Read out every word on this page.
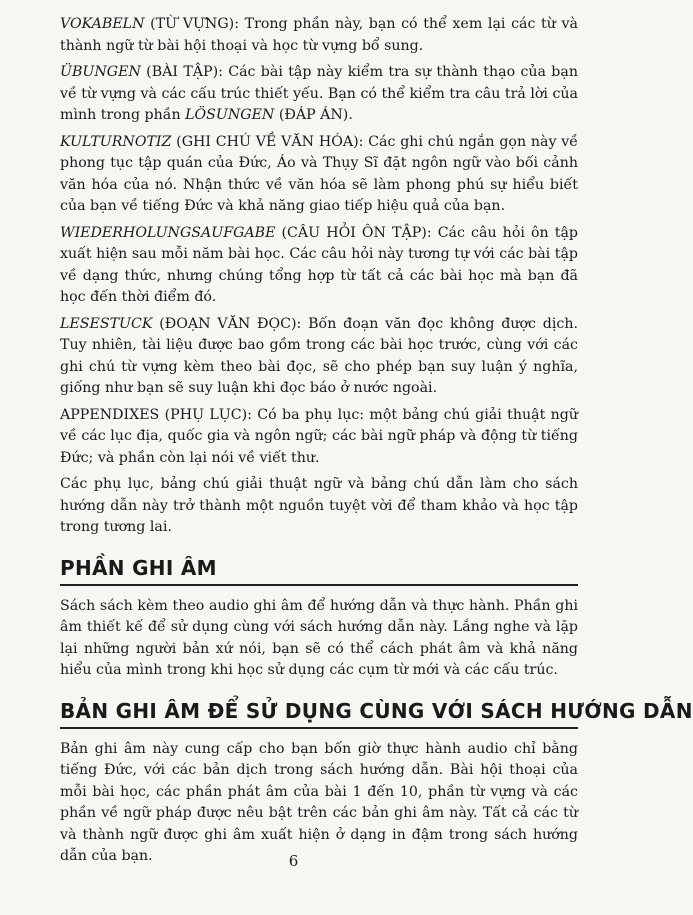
VOKABELN (TỪ VỰNG): Trong phần này, bạn có thể xem lại các từ và thành ngữ từ bài hội thoại và học từ vựng bổ sung.

ÜBUNGEN (BÀI TẬP): Các bài tập này kiểm tra sự thành thạo của bạn về từ vựng và các cấu trúc thiết yếu. Bạn có thể kiểm tra câu trả lời của mình trong phần LÖSUNGEN (ĐÁP ÁN).

KULTURNOTIZ (GHI CHÚ VỀ VĂN HÓA): Các ghi chú ngắn gọn này về phong tục tập quán của Đức, Áo và Thụy Sĩ đặt ngôn ngữ vào bối cảnh văn hóa của nó. Nhận thức về văn hóa sẽ làm phong phú sự hiểu biết của bạn về tiếng Đức và khả năng giao tiếp hiệu quả của bạn.

WIEDERHOLUNGSAUFGABE (CÂU HỎI ÔN TẬP): Các câu hỏi ôn tập xuất hiện sau mỗi năm bài học. Các câu hỏi này tương tự với các bài tập về dạng thức, nhưng chúng tổng hợp từ tất cả các bài học mà bạn đã học đến thời điểm đó.

LESESTUCK (ĐOẠN VĂN ĐỌC): Bốn đoạn văn đọc không được dịch. Tuy nhiên, tài liệu được bao gồm trong các bài học trước, cùng với các ghi chú từ vựng kèm theo bài đọc, sẽ cho phép bạn suy luận ý nghĩa, giống như bạn sẽ suy luận khi đọc báo ở nước ngoài.

APPENDIXES (PHỤ LỤC): Có ba phụ lục: một bảng chú giải thuật ngữ về các lục địa, quốc gia và ngôn ngữ; các bài ngữ pháp và động từ tiếng Đức; và phần còn lại nói về viết thư.

Các phụ lục, bảng chú giải thuật ngữ và bảng chú dẫn làm cho sách hướng dẫn này trở thành một nguồn tuyệt vời để tham khảo và học tập trong tương lai.

PHẦN GHI ÂM

Sách sách kèm theo audio ghi âm để hướng dẫn và thực hành. Phần ghi âm thiết kế để sử dụng cùng với sách hướng dẫn này. Lắng nghe và lặp lại những người bản xứ nói, bạn sẽ có thể cách phát âm và khả năng hiểu của mình trong khi học sử dụng các cụm từ mới và các cấu trúc.

BẢN GHI ÂM ĐỂ SỬ DỤNG CÙNG VỚI SÁCH HƯỚNG DẪN

Bản ghi âm này cung cấp cho bạn bốn giờ thực hành audio chỉ bằng tiếng Đức, với các bản dịch trong sách hướng dẫn. Bài hội thoại của mỗi bài học, các phần phát âm của bài 1 đến 10, phần từ vựng và các phần về ngữ pháp được nêu bật trên các bản ghi âm này. Tất cả các từ và thành ngữ được ghi âm xuất hiện ở dạng in đậm trong sách hướng dẫn của bạn.	6
